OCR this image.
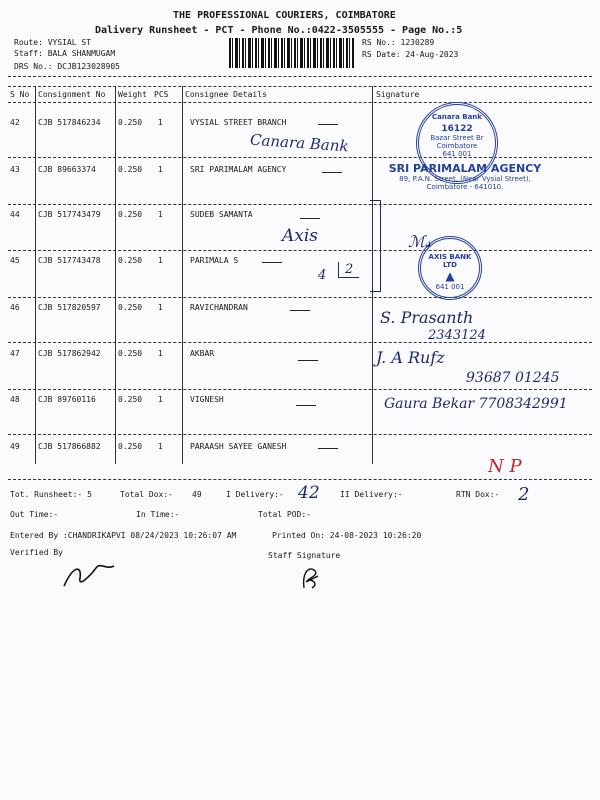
THE PROFESSIONAL COURIERS, COIMBATORE
Dalivery Runsheet - PCT - Phone No.:0422-3505555 - Page No.:5
Route: VYSIAL ST
Staff: BALA SHANMUGAM
DRS No.: DCJB123028905
RS No.: 1230289
RS Date: 24-Aug-2023
S No Consignment No Weight PCS Consignee Details	Signature
42 CJB 517846234 0.250 1	VYSIAL STREET BRANCH
43 CJB 89663374	0.250 1	SRI PARIMALAM AGENCY
44 CJB 517743479 0.250 1	SUDEB SAMANTA
45 CJB 517743478 0.250 1	PARIMALA S
46 CJB 517820597 0.250 1	RAVICHANDRAN
47 CJB 517862942 0.250 1	AKBAR
48 CJB 89760116	0.250 1	VIGNESH
49 CJB 517866882 0.250 1	PARAASH SAYEE GANESH
Canara Bank
16122
Bazar Street Br
Coimbatore
641 001
SRI PARIMALAM AGENCY
89, P.A.N. Street, (Near Vysial Street),
Coimbatore - 641010.
AXIS BANK LTD
▲
641 001
Canara Bank
Axis
4	2
ℳ𝓈
S. Prasanth
2343124
J. A Rufz
93687 01245
Gaura Bekar 7708342991
N P
Tot. Runsheet:- 5	Total Dox:- 49	I Delivery:- 42	II Delivery:-	RTN Dox:- 2
Out Time:-	In Time:-	Total POD:-
Entered By :CHANDRIKAPVI 08/24/2023 10:26:07 AM	Printed On: 24-08-2023 10:26:20
Verified By	Staff Signature
